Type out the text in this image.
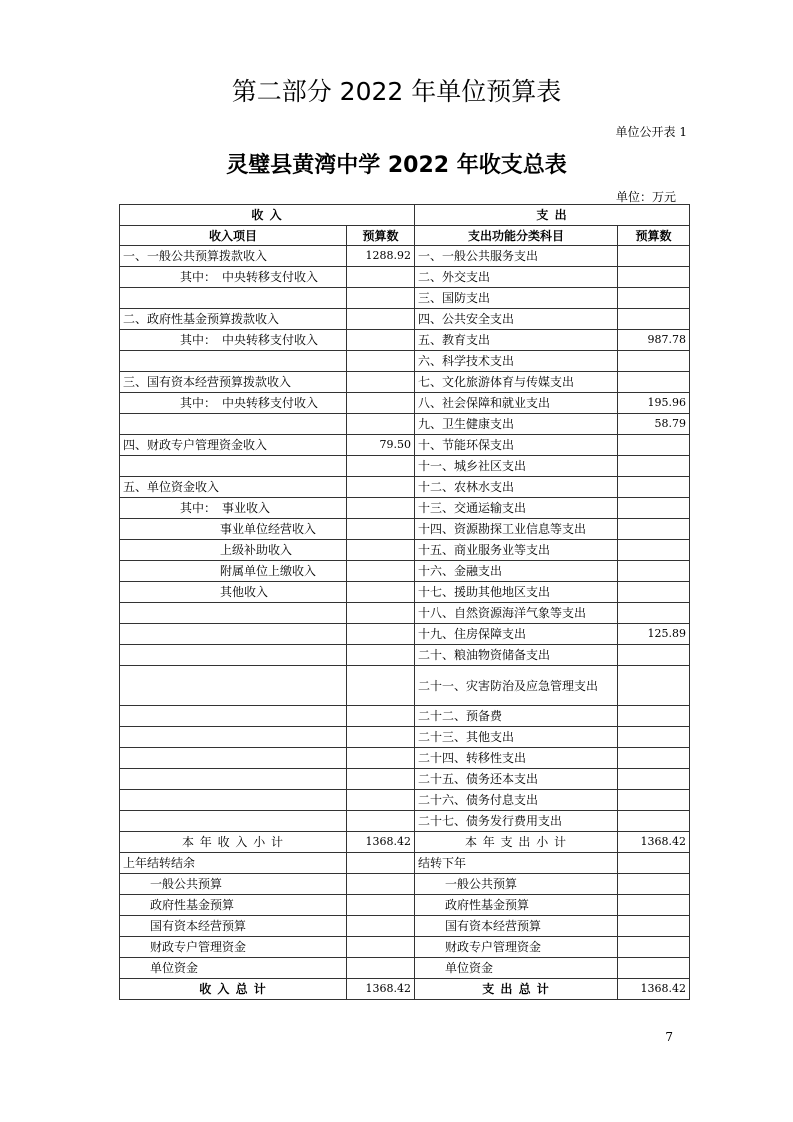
第二部分 2022 年单位预算表
单位公开表 1
灵璧县黄湾中学 2022 年收支总表
单位：万元
收 入		支 出	
收入项目	预算数	支出功能分类科目	预算数
一、一般公共预算拨款收入	1288.92	一、一般公共服务支出	
其中：　中央转移支付收入		二、外交支出	
		三、国防支出	
二、政府性基金预算拨款收入		四、公共安全支出	
其中：　中央转移支付收入		五、教育支出	987.78
		六、科学技术支出	
三、国有资本经营预算拨款收入		七、文化旅游体育与传媒支出	
其中：　中央转移支付收入		八、社会保障和就业支出	195.96
		九、卫生健康支出	58.79
四、财政专户管理资金收入	79.50	十、节能环保支出	
		十一、城乡社区支出	
五、单位资金收入		十二、农林水支出	
其中：　事业收入		十三、交通运输支出	
事业单位经营收入		十四、资源勘探工业信息等支出	
上级补助收入		十五、商业服务业等支出	
附属单位上缴收入		十六、金融支出	
其他收入		十七、援助其他地区支出	
		十八、自然资源海洋气象等支出	
		十九、住房保障支出	125.89
		二十、粮油物资储备支出	
		二十一、灾害防治及应急管理支出	
		二十二、预备费	
		二十三、其他支出	
		二十四、转移性支出	
		二十五、债务还本支出	
		二十六、债务付息支出	
		二十七、债务发行费用支出	
本 年 收 入 小 计	1368.42	本 年 支 出 小 计	1368.42
上年结转结余		结转下年	
一般公共预算		一般公共预算	
政府性基金预算		政府性基金预算	
国有资本经营预算		国有资本经营预算	
财政专户管理资金		财政专户管理资金	
单位资金		单位资金	
收 入 总 计	1368.42	支 出 总 计	1368.42
7
